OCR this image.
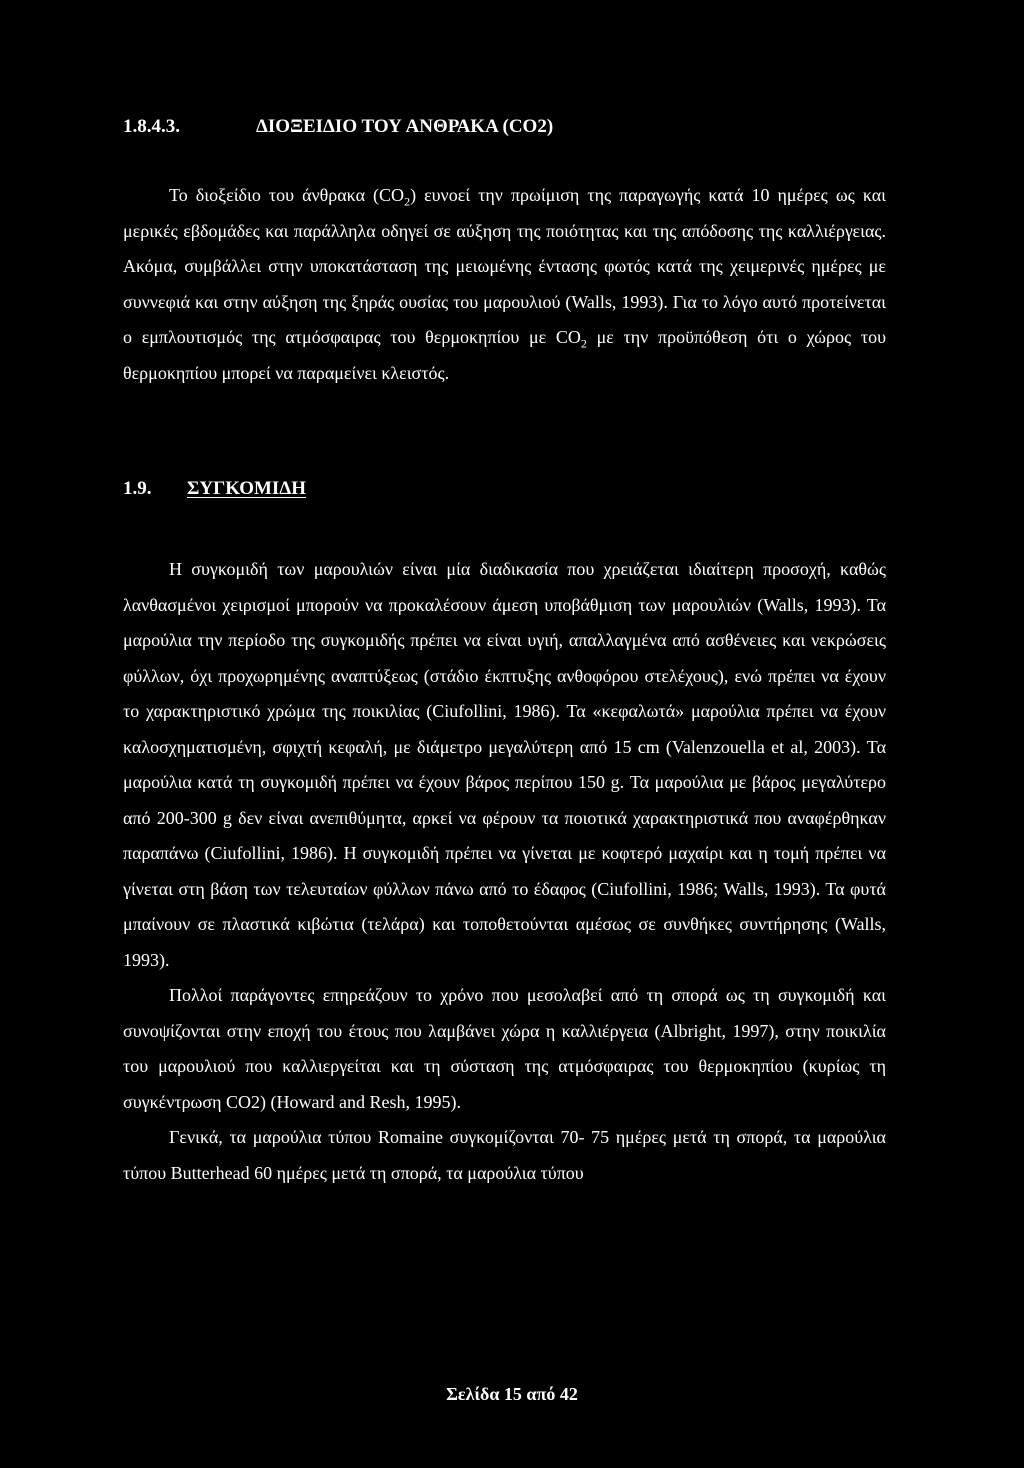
1.8.4.3.	ΔΙΟΞΕΙΔΙΟ ΤΟΥ ΑΝΘΡΑΚΑ (CO2)

Το διοξείδιο του άνθρακα $(CO_2)$ ευνοεί την πρωίμιση της παραγωγής κατά 10 ημέρες ως και μερικές εβδομάδες και παράλληλα οδηγεί σε αύξηση της ποιότητας και της απόδοσης της καλλιέργειας. Ακόμα, συμβάλλει στην υποκατάσταση της μειωμένης έντασης φωτός κατά της χειμερινές ημέρες με συννεφιά και στην αύξηση της ξηράς ουσίας του μαρουλιού (Walls, 1993). Για το λόγο αυτό προτείνεται ο εμπλουτισμός της ατμόσφαιρας του θερμοκηπίου με $CO_2$ με την προϋπόθεση ότι ο χώρος του θερμοκηπίου μπορεί να παραμείνει κλειστός.

1.9. ΣΥΓΚΟΜΙΔΗ

Η συγκομιδή των μαρουλιών είναι μία διαδικασία που χρειάζεται ιδιαίτερη προσοχή, καθώς λανθασμένοι χειρισμοί μπορούν να προκαλέσουν άμεση υποβάθμιση των μαρουλιών (Walls, 1993). Τα μαρούλια την περίοδο της συγκομιδής πρέπει να είναι υγιή, απαλλαγμένα από ασθένειες και νεκρώσεις φύλλων, όχι προχωρημένης αναπτύξεως (στάδιο έκπτυξης ανθοφόρου στελέχους), ενώ πρέπει να έχουν το χαρακτηριστικό χρώμα της ποικιλίας (Ciufollini, 1986). Τα «κεφαλωτά» μαρούλια πρέπει να έχουν καλοσχηματισμένη, σφιχτή κεφαλή, με διάμετρο μεγαλύτερη από 15 cm (Valenzouella et al, 2003). Τα μαρούλια κατά τη συγκομιδή πρέπει να έχουν βάρος περίπου 150 g. Τα μαρούλια με βάρος μεγαλύτερο από 200-300 g δεν είναι ανεπιθύμητα, αρκεί να φέρουν τα ποιοτικά χαρακτηριστικά που αναφέρθηκαν παραπάνω (Ciufollini, 1986). Η συγκομιδή πρέπει να γίνεται με κοφτερό μαχαίρι και η τομή πρέπει να γίνεται στη βάση των τελευταίων φύλλων πάνω από το έδαφος (Ciufollini, 1986; Walls, 1993). Τα φυτά μπαίνουν σε πλαστικά κιβώτια (τελάρα) και τοποθετούνται αμέσως σε συνθήκες συντήρησης (Walls, 1993).

Πολλοί παράγοντες επηρεάζουν το χρόνο που μεσολαβεί από τη σπορά ως τη συγκομιδή και συνοψίζονται στην εποχή του έτους που λαμβάνει χώρα η καλλιέργεια (Albright, 1997), στην ποικιλία του μαρουλιού που καλλιεργείται και τη σύσταση της ατμόσφαιρας του θερμοκηπίου (κυρίως τη συγκέντρωση CO2) (Howard and Resh, 1995).

Γενικά, τα μαρούλια τύπου Romaine συγκομίζονται 70- 75 ημέρες μετά τη σπορά, τα μαρούλια τύπου Butterhead 60 ημέρες μετά τη σπορά, τα μαρούλια τύπου

Σελίδα 15 από 42
